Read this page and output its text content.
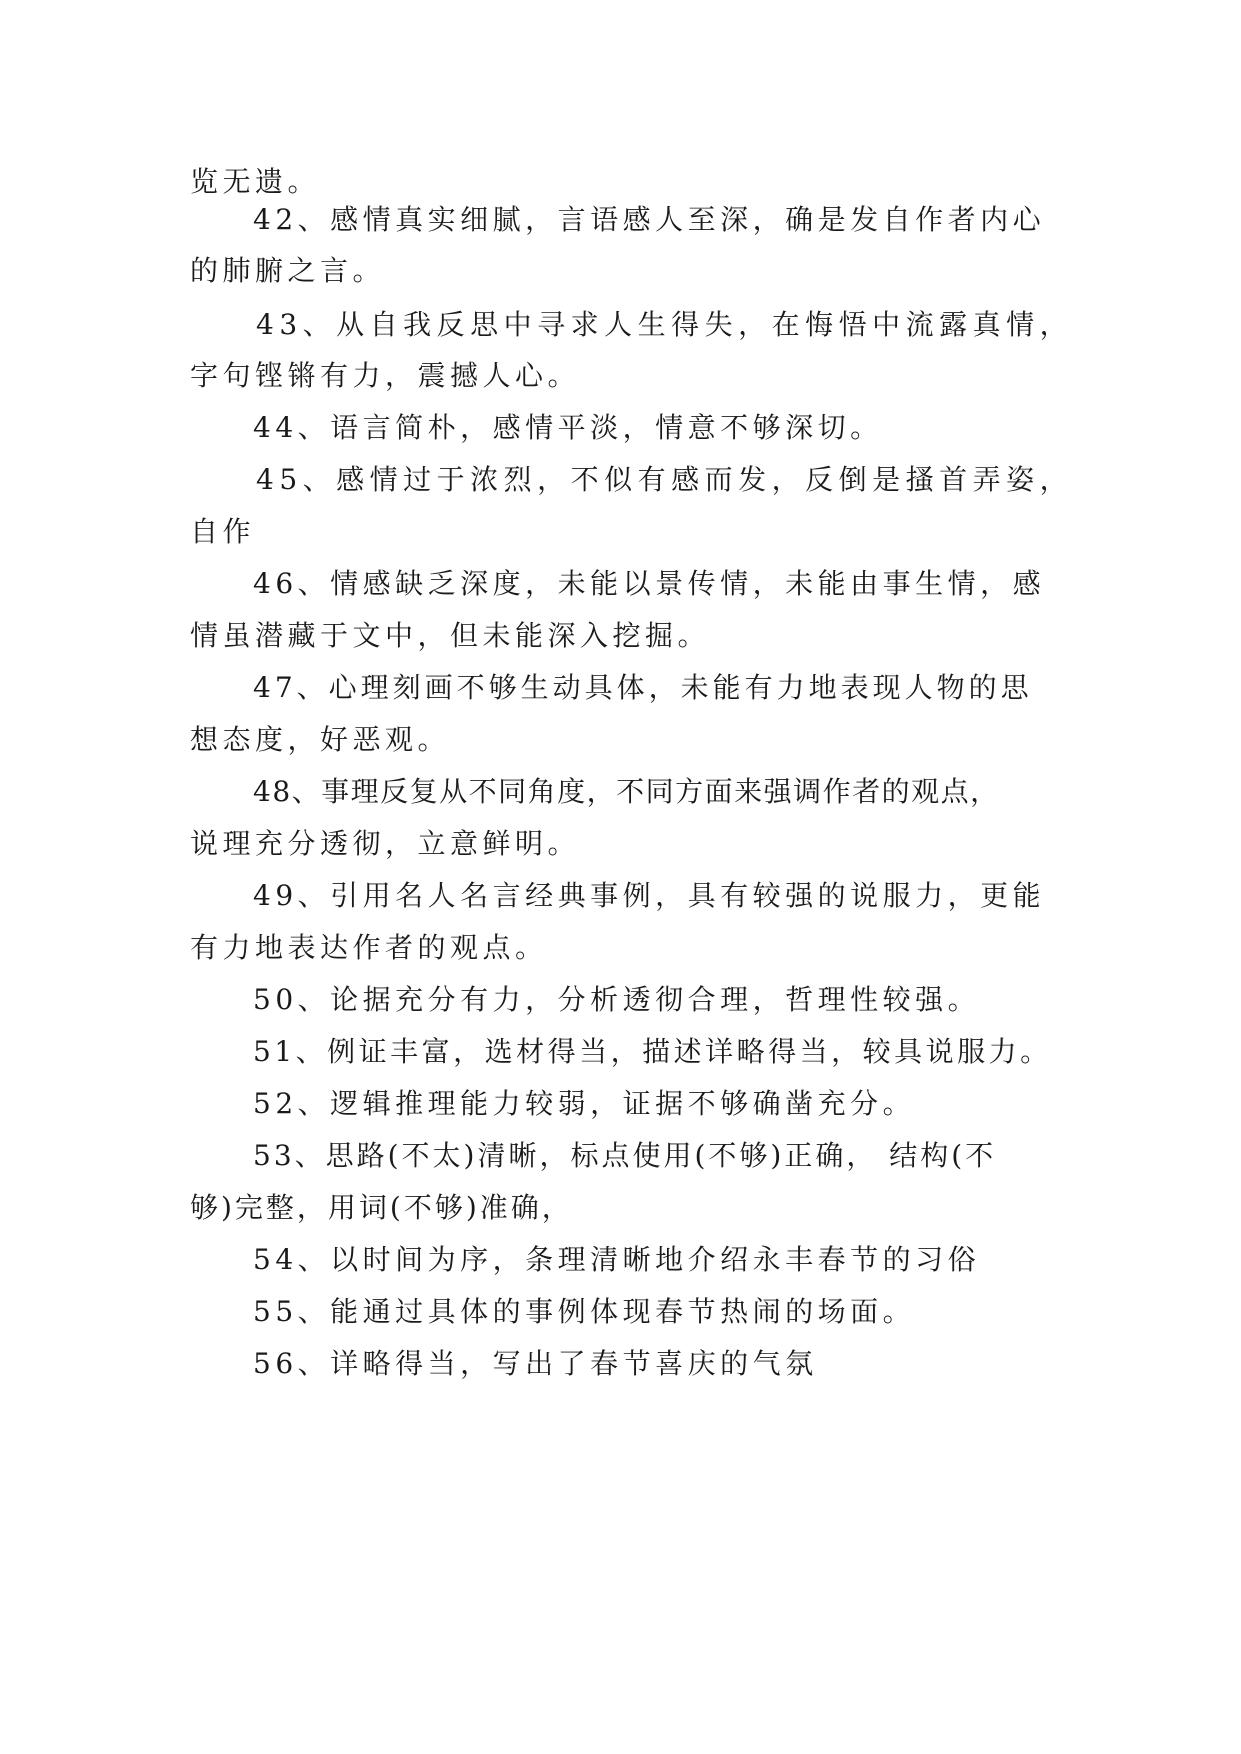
览无遗。
42、感情真实细腻，言语感人至深，确是发自作者内心
的肺腑之言。
43、从自我反思中寻求人生得失，在悔悟中流露真情，
字句铿锵有力，震撼人心。
44、语言简朴，感情平淡，情意不够深切。
45、感情过于浓烈，不似有感而发，反倒是搔首弄姿，
自作
46、情感缺乏深度，未能以景传情，未能由事生情，感
情虽潜藏于文中，但未能深入挖掘。
47、心理刻画不够生动具体，未能有力地表现人物的思
想态度，好恶观。
48、事理反复从不同角度，不同方面来强调作者的观点，
说理充分透彻，立意鲜明。
49、引用名人名言经典事例，具有较强的说服力，更能
有力地表达作者的观点。
50、论据充分有力，分析透彻合理，哲理性较强。
51、例证丰富，选材得当，描述详略得当，较具说服力。
52、逻辑推理能力较弱，证据不够确凿充分。
53、思路(不太)清晰，标点使用(不够)正确， 结构(不
够)完整，用词(不够)准确，
54、以时间为序，条理清晰地介绍永丰春节的习俗
55、能通过具体的事例体现春节热闹的场面。
56、详略得当，写出了春节喜庆的气氛
